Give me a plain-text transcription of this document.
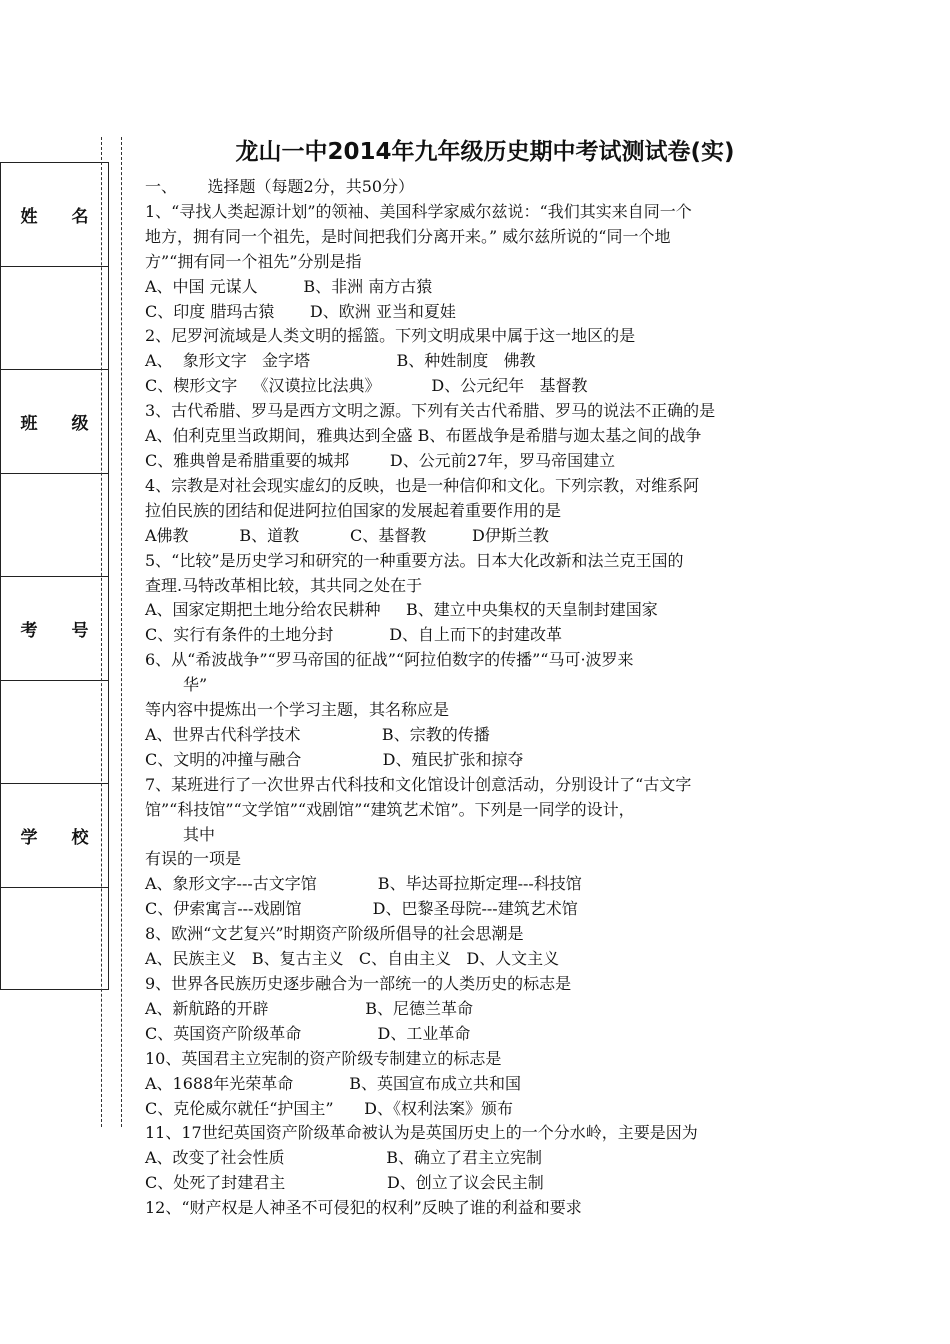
姓 名
班 级
考 号
学 校
龙山一中2014年九年级历史期中考试测试卷(实)
一、      选择题（每题2分，共50分）
1、“寻找人类起源计划”的领袖、美国科学家威尔兹说：“我们其实来自同一个
地方，拥有同一个祖先，是时间把我们分离开来。” 威尔兹所说的“同一个地
方”“拥有同一个祖先”分别是指
A、中国 元谋人         B、非洲 南方古猿
C、印度 腊玛古猿       D、欧洲 亚当和夏娃
2、尼罗河流域是人类文明的摇篮。下列文明成果中属于这一地区的是
A、  象形文字   金字塔                 B、种姓制度   佛教
C、楔形文字   《汉谟拉比法典》          D、公元纪年   基督教
3、古代希腊、罗马是西方文明之源。下列有关古代希腊、罗马的说法不正确的是
A、伯利克里当政期间，雅典达到全盛 B、布匿战争是希腊与迦太基之间的战争
C、雅典曾是希腊重要的城邦        D、公元前27年，罗马帝国建立
4、宗教是对社会现实虚幻的反映，也是一种信仰和文化。下列宗教，对维系阿
拉伯民族的团结和促进阿拉伯国家的发展起着重要作用的是
A佛教          B、道教          C、基督教         D伊斯兰教
5、“比较”是历史学习和研究的一种重要方法。日本大化改新和法兰克王国的
查理.马特改革相比较，其共同之处在于
A、国家定期把土地分给农民耕种     B、建立中央集权的天皇制封建国家
C、实行有条件的土地分封           D、自上而下的封建改革
6、从“希波战争”“罗马帝国的征战”“阿拉伯数字的传播”“马可·波罗来
华”
等内容中提炼出一个学习主题，其名称应是
A、世界古代科学技术                B、宗教的传播
C、文明的冲撞与融合                D、殖民扩张和掠夺
7、某班进行了一次世界古代科技和文化馆设计创意活动，分别设计了“古文字
馆”“科技馆”“文学馆”“戏剧馆”“建筑艺术馆”。下列是一同学的设计，
其中
有误的一项是
A、象形文字---古文字馆            B、毕达哥拉斯定理---科技馆
C、伊索寓言---戏剧馆              D、巴黎圣母院---建筑艺术馆
8、欧洲“文艺复兴”时期资产阶级所倡导的社会思潮是
A、民族主义   B、复古主义   C、自由主义   D、人文主义
9、世界各民族历史逐步融合为一部统一的人类历史的标志是
A、新航路的开辟                   B、尼德兰革命
C、英国资产阶级革命               D、工业革命
10、英国君主立宪制的资产阶级专制建立的标志是
A、1688年光荣革命           B、英国宣布成立共和国
C、克伦威尔就任“护国主”      D、《权利法案》颁布
11、17世纪英国资产阶级革命被认为是英国历史上的一个分水岭，主要是因为
A、改变了社会性质                    B、确立了君主立宪制
C、处死了封建君主                    D、创立了议会民主制
12、“财产权是人神圣不可侵犯的权利”反映了谁的利益和要求
